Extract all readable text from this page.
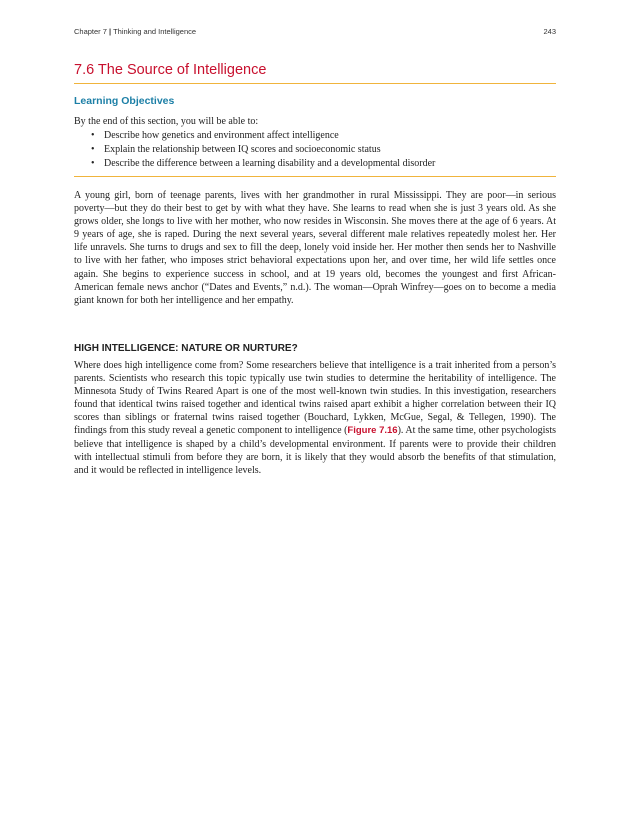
Chapter 7 | Thinking and Intelligence	243
7.6 The Source of Intelligence
Learning Objectives
By the end of this section, you will be able to:
• Describe how genetics and environment affect intelligence
• Explain the relationship between IQ scores and socioeconomic status
• Describe the difference between a learning disability and a developmental disorder

A young girl, born of teenage parents, lives with her grandmother in rural Mississippi. They are poor—in serious poverty—but they do their best to get by with what they have. She learns to read when she is just 3 years old. As she grows older, she longs to live with her mother, who now resides in Wisconsin. She moves there at the age of 6 years. At 9 years of age, she is raped. During the next several years, several different male relatives repeatedly molest her. Her life unravels. She turns to drugs and sex to fill the deep, lonely void inside her. Her mother then sends her to Nashville to live with her father, who imposes strict behavioral expectations upon her, and over time, her wild life settles once again. She begins to experience success in school, and at 19 years old, becomes the youngest and first African-American female news anchor (“Dates and Events,” n.d.). The woman—Oprah Winfrey—goes on to become a media giant known for both her intelligence and her empathy.

HIGH INTELLIGENCE: NATURE OR NURTURE?

Where does high intelligence come from? Some researchers believe that intelligence is a trait inherited from a person’s parents. Scientists who research this topic typically use twin studies to determine the heritability of intelligence. The Minnesota Study of Twins Reared Apart is one of the most well-known twin studies. In this investigation, researchers found that identical twins raised together and identical twins raised apart exhibit a higher correlation between their IQ scores than siblings or fraternal twins raised together (Bouchard, Lykken, McGue, Segal, & Tellegen, 1990). The findings from this study reveal a genetic component to intelligence (Figure 7.16). At the same time, other psychologists believe that intelligence is shaped by a child’s developmental environment. If parents were to provide their children with intellectual stimuli from before they are born, it is likely that they would absorb the benefits of that stimulation, and it would be reflected in intelligence levels.
